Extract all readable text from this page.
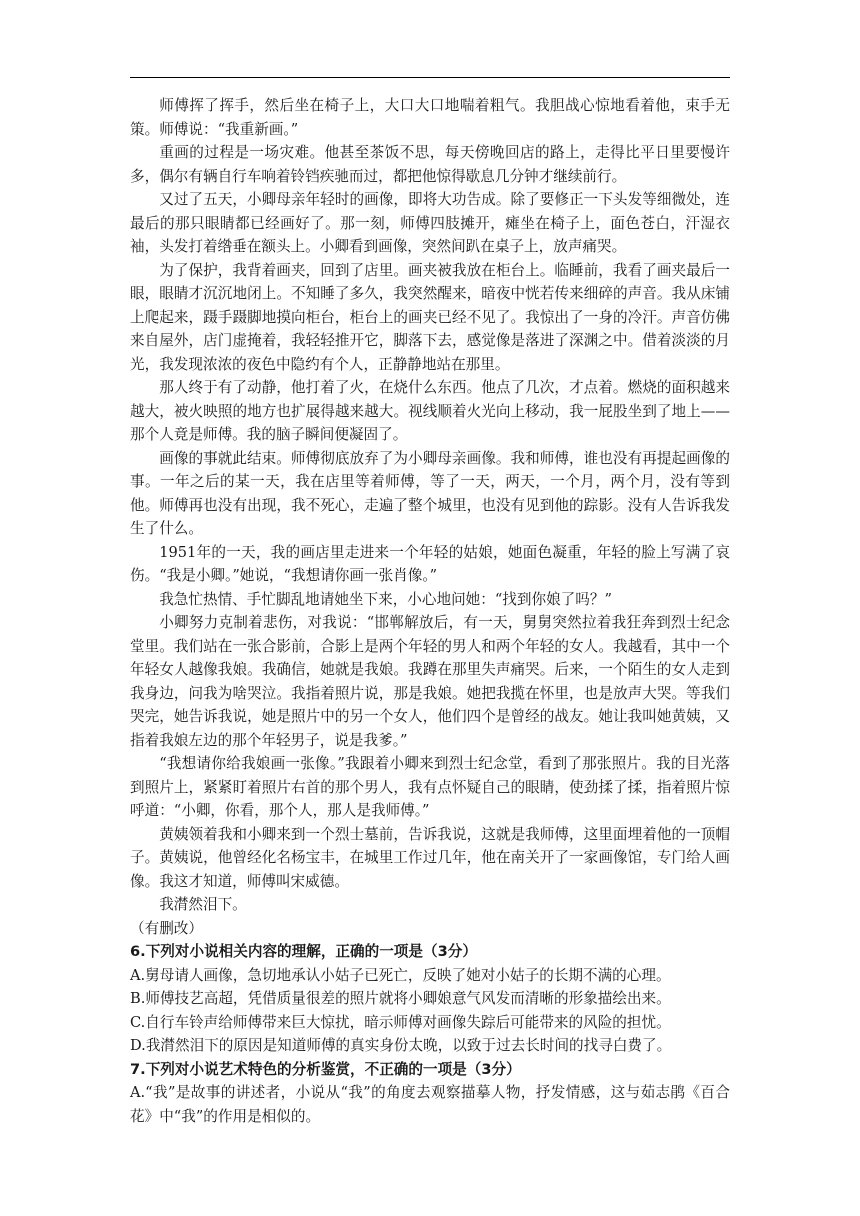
师傅挥了挥手，然后坐在椅子上，大口大口地喘着粗气。我胆战心惊地看着他，束手无策。师傅说：“我重新画。”

重画的过程是一场灾难。他甚至茶饭不思，每天傍晚回店的路上，走得比平日里要慢许多，偶尔有辆自行车响着铃铛疾驰而过，都把他惊得歇息几分钟才继续前行。

又过了五天，小卿母亲年轻时的画像，即将大功告成。除了要修正一下头发等细微处，连最后的那只眼睛都已经画好了。那一刻，师傅四肢摊开，瘫坐在椅子上，面色苍白，汗湿衣袖，头发打着绺垂在额头上。小卿看到画像，突然间趴在桌子上，放声痛哭。

为了保护，我背着画夹，回到了店里。画夹被我放在柜台上。临睡前，我看了画夹最后一眼，眼睛才沉沉地闭上。不知睡了多久，我突然醒来，暗夜中恍若传来细碎的声音。我从床铺上爬起来，蹑手蹑脚地摸向柜台，柜台上的画夹已经不见了。我惊出了一身的冷汗。声音仿佛来自屋外，店门虚掩着，我轻轻推开它，脚落下去，感觉像是落进了深渊之中。借着淡淡的月光，我发现浓浓的夜色中隐约有个人，正静静地站在那里。

那人终于有了动静，他打着了火，在烧什么东西。他点了几次，才点着。燃烧的面积越来越大，被火映照的地方也扩展得越来越大。视线顺着火光向上移动，我一屁股坐到了地上——那个人竟是师傅。我的脑子瞬间便凝固了。

画像的事就此结束。师傅彻底放弃了为小卿母亲画像。我和师傅，谁也没有再提起画像的事。一年之后的某一天，我在店里等着师傅，等了一天，两天，一个月，两个月，没有等到他。师傅再也没有出现，我不死心，走遍了整个城里，也没有见到他的踪影。没有人告诉我发生了什么。

1951年的一天，我的画店里走进来一个年轻的姑娘，她面色凝重，年轻的脸上写满了哀伤。“我是小卿。”她说，“我想请你画一张肖像。”

我急忙热情、手忙脚乱地请她坐下来，小心地问她：“找到你娘了吗？”

小卿努力克制着悲伤，对我说：“邯郸解放后，有一天，舅舅突然拉着我狂奔到烈士纪念堂里。我们站在一张合影前，合影上是两个年轻的男人和两个年轻的女人。我越看，其中一个年轻女人越像我娘。我确信，她就是我娘。我蹲在那里失声痛哭。后来，一个陌生的女人走到我身边，问我为啥哭泣。我指着照片说，那是我娘。她把我揽在怀里，也是放声大哭。等我们哭完，她告诉我说，她是照片中的另一个女人，他们四个是曾经的战友。她让我叫她黄姨，又指着我娘左边的那个年轻男子，说是我爹。”

“我想请你给我娘画一张像。”我跟着小卿来到烈士纪念堂，看到了那张照片。我的目光落到照片上，紧紧盯着照片右首的那个男人，我有点怀疑自己的眼睛，使劲揉了揉，指着照片惊呼道：“小卿，你看，那个人，那人是我师傅。”

黄姨领着我和小卿来到一个烈士墓前，告诉我说，这就是我师傅，这里面埋着他的一顶帽子。黄姨说，他曾经化名杨宝丰，在城里工作过几年，他在南关开了一家画像馆，专门给人画像。我这才知道，师傅叫宋威德。

我潸然泪下。

（有删改）

6.下列对小说相关内容的理解，正确的一项是（3分）

A.舅母请人画像，急切地承认小姑子已死亡，反映了她对小姑子的长期不满的心理。

B.师傅技艺高超，凭借质量很差的照片就将小卿娘意气风发而清晰的形象描绘出来。

C.自行车铃声给师傅带来巨大惊扰，暗示师傅对画像失踪后可能带来的风险的担忧。

D.我潸然泪下的原因是知道师傅的真实身份太晚，以致于过去长时间的找寻白费了。

7.下列对小说艺术特色的分析鉴赏，不正确的一项是（3分）

A.“我”是故事的讲述者，小说从“我”的角度去观察描摹人物，抒发情感，这与茹志鹃《百合花》中“我”的作用是相似的。
